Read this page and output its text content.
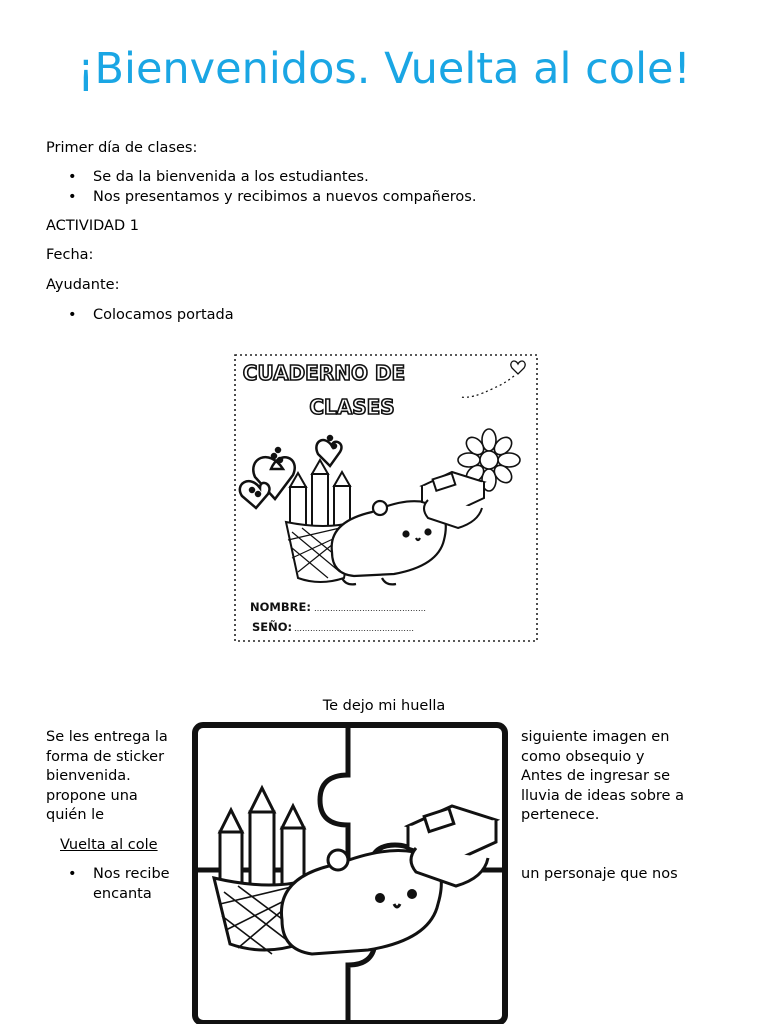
¡Bienvenidos. Vuelta al cole!
Primer día de clases:
• Se da la bienvenida a los estudiantes.
• Nos presentamos y recibimos a nuevos compañeros.
ACTIVIDAD 1
Fecha:
Ayudante:
• Colocamos portada
CUADERNO DE
CLASES
NOMBRE: ……………………………………
SEÑO: ………………………………………
Te dejo mi huella
Se les entrega la
forma de sticker
bienvenida.
propone una
quién le
Vuelta al cole
•	Nos recibe
encanta
siguiente imagen en
como obsequio y
Antes de ingresar se
lluvia de ideas sobre a
pertenece.
un personaje que nos
